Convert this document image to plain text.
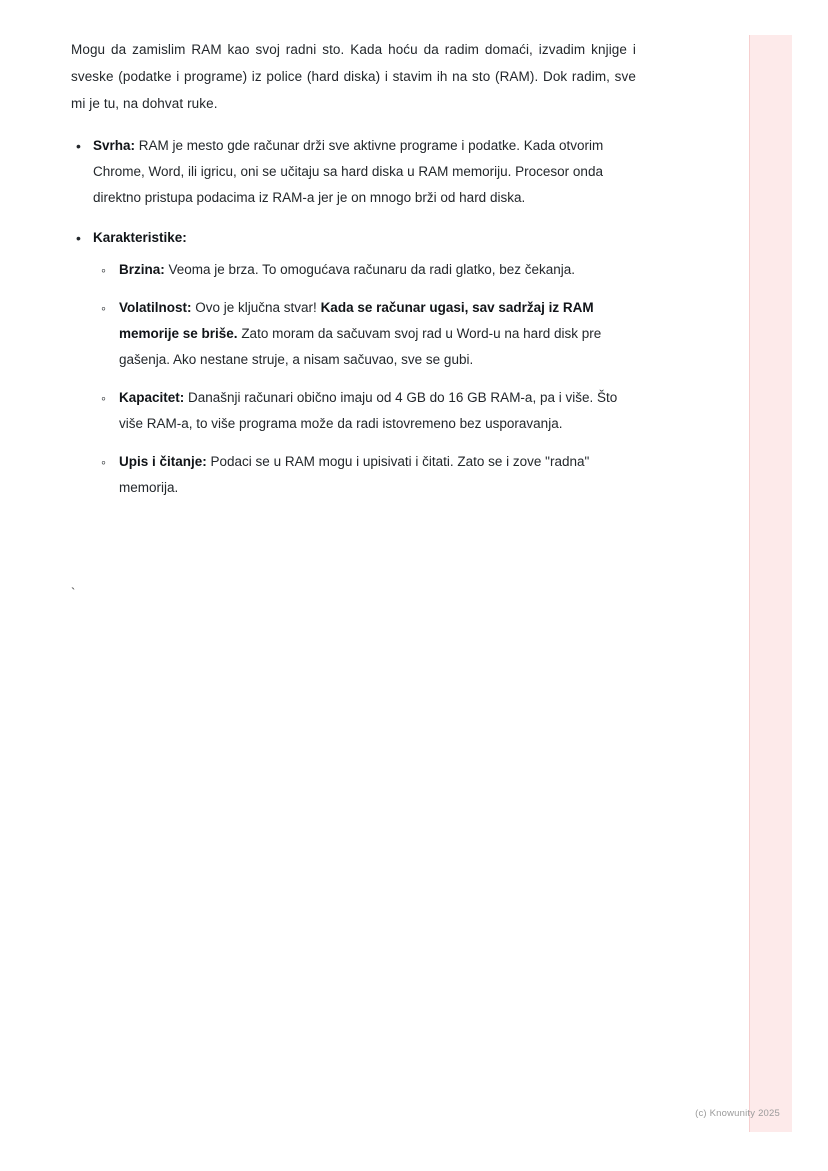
Mogu da zamislim RAM kao svoj radni sto. Kada hoću da radim domaći, izvadim knjige i sveske (podatke i programe) iz police (hard diska) i stavim ih na sto (RAM). Dok radim, sve mi je tu, na dohvat ruke.

• Svrha: RAM je mesto gde računar drži sve aktivne programe i podatke. Kada otvorim Chrome, Word, ili igricu, oni se učitaju sa hard diska u RAM memoriju. Procesor onda direktno pristupa podacima iz RAM-a jer je on mnogo brži od hard diska.
• Karakteristike:
◦ Brzina: Veoma je brza. To omogućava računaru da radi glatko, bez čekanja.
◦ Volatilnost: Ovo je ključna stvar! Kada se računar ugasi, sav sadržaj iz RAM memorije se briše. Zato moram da sačuvam svoj rad u Word-u na hard disk pre gašenja. Ako nestane struje, a nisam sačuvao, sve se gubi.
◦ Kapacitet: Današnji računari obično imaju od 4 GB do 16 GB RAM-a, pa i više. Što više RAM-a, to više programa može da radi istovremeno bez usporavanja.
◦ Upis i čitanje: Podaci se u RAM mogu i upisivati i čitati. Zato se i zove "radna" memorija.
`
(c) Knowunity 2025
